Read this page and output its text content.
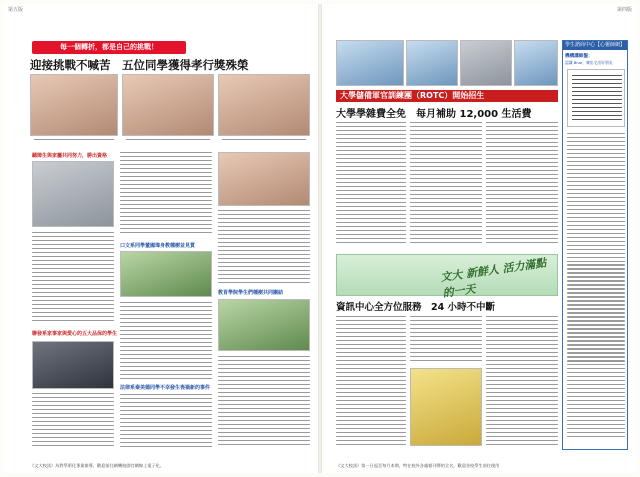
第五版
每一個轉折，都是自己的挑戰！
迎接挑戰不喊苦　五位同學獲得孝行獎殊榮
聽障生與家屬共同努力，勝出資格
聯發系家事家與愛心的五大品保的學生
口文系同學董國瑋身教種樹並見質
法律系秦美德同學不幸發生喪禍新的事件
教育學院學生們種樹共同團結
《文大校訊》為對學術化專業報導，歡迎前往網轉校園官網線上電子化。
第四版
大學儲備軍官訓練團（ROTC）開始招生
大學學雜費全免　每月補助 12,000 生活費
文大 新鮮人 活力滿點的一天
資訊中心全方位服務　24 小時不中斷
學生諮商中心【心靈師網】
機構講師盤：
認識 Blue，廣出宅出好朋友
《文大校訊》第一日起至每月本期，特在校外各處報刊傳的全名，歡迎各校學生前往使用
